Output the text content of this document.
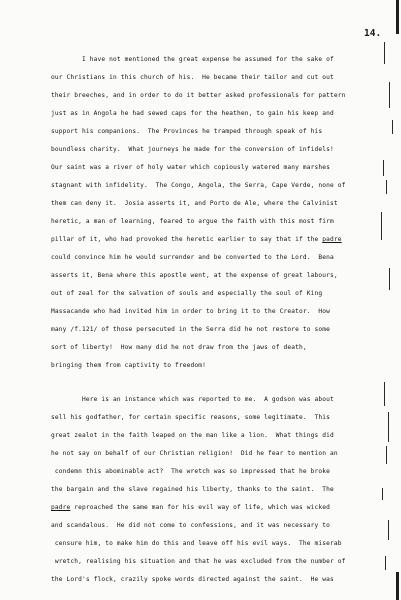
14.
I have not mentioned the great expense he assumed for the sake of
our Christians in this church of his.  He became their tailor and cut out
their breeches, and in order to do it better asked professionals for pattern
just as in Angola he had sewed caps for the heathen, to gain his keep and
support his companions.  The Provinces he tramped through speak of his
boundless charity.  What journeys he made for the conversion of infidels!
Our saint was a river of holy water which copiously watered many marshes
stagnant with infidelity.  The Congo, Angola, the Serra, Cape Verde, none of
them can deny it.  Josia asserts it, and Porto de Ale, where the Calvinist
heretic, a man of learning, feared to argue the faith with this most firm
pillar of it, who had provoked the heretic earlier to say that if the padre
could convince him he would surrender and be converted to the Lord.  Bena
asserts it, Bena where this apostle went, at the expense of great labours,
out of zeal for the salvation of souls and especially the soul of King
Massacande who had invited him in order to bring it to the Creator.  How
many /f.121/ of those persecuted in the Serra did he not restore to some
sort of liberty!  How many did he not draw from the jaws of death,
bringing them from captivity to freedom!
Here is an instance which was reported to me.  A godson was about
sell his godfather, for certain specific reasons, some legitimate.  This
great zealot in the faith leaped on the man like a lion.  What things did
he not say on behalf of our Christian religion!  Did he fear to mention an
condemn this abominable act?  The wretch was so impressed that he broke
the bargain and the slave regained his liberty, thanks to the saint.  The
padre reproached the same man for his evil way of life, which was wicked
and scandalous.  He did not come to confessions, and it was necessary to
censure him, to make him do this and leave off his evil ways.  The miserab
wretch, realising his situation and that he was excluded from the number of
the Lord's flock, crazily spoke words directed against the saint.  He was
